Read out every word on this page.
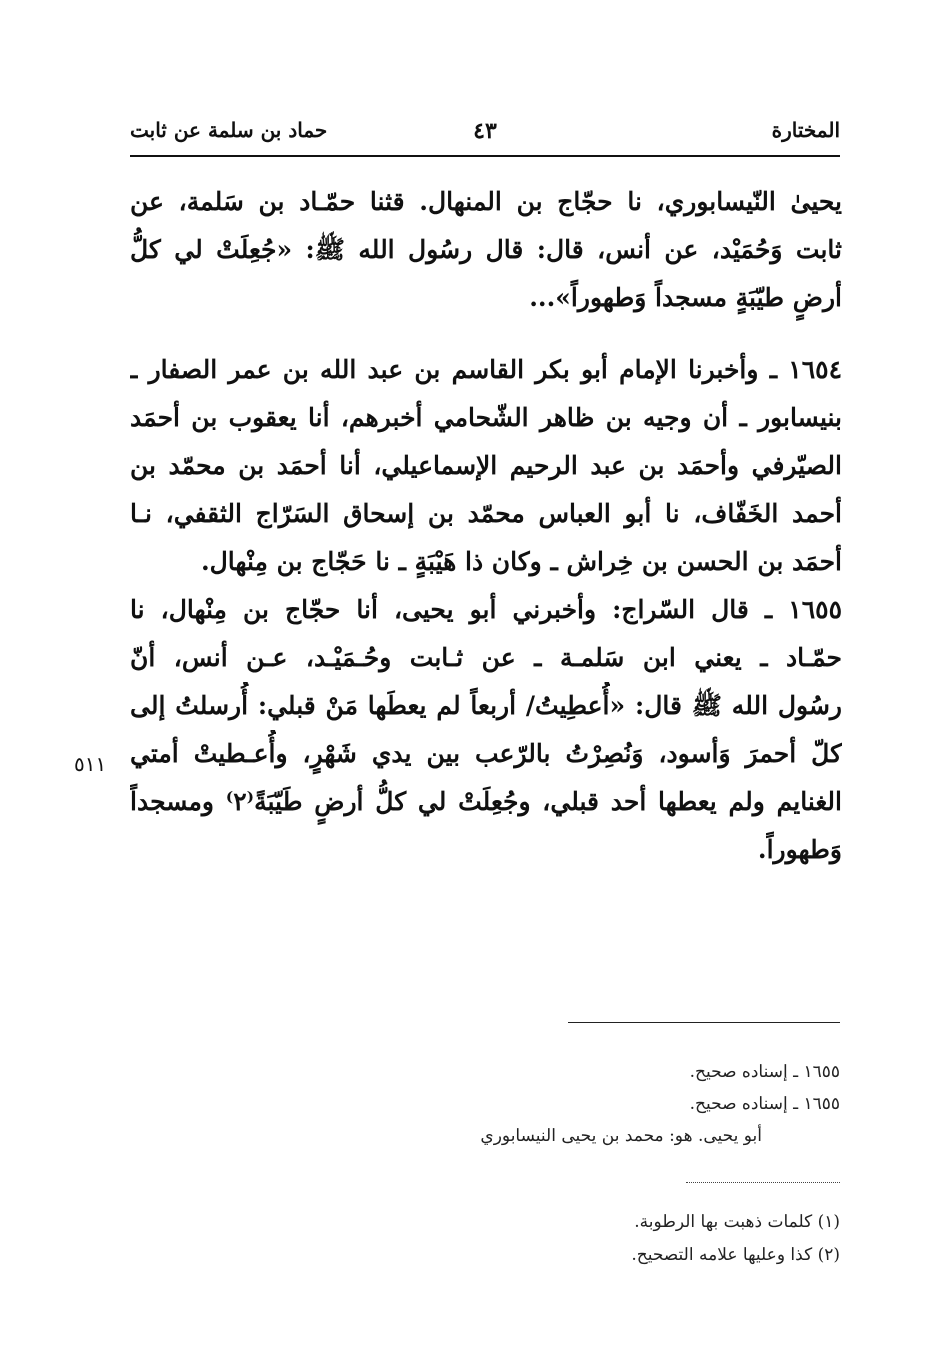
المختارة
٤٣
حماد بن سلمة عن ثابت
يحيىٰ النّيسابوري، نا حجّاج بن المنهال. قثنا حمّـاد بن سَلمة، عن
ثابت وَحُمَيْد، عن أنس، قال: قال رسُول الله ﷺ: «جُعِلَتْ لي كلُّ
أرضٍ طيّبَةٍ مسجداً وَطهوراً»...
١٦٥٤ ـ وأخبرنا الإمام أبو بكر القاسم بن عبد الله بن عمر الصفار ـ
بنيسابور ـ أن وجيه بن ظاهر الشّحامي أخبرهم، أنا يعقوب بن أحمَد
الصيّرفي وأحمَد بن عبد الرحيم الإسماعيلي، أنا أحمَد بن محمّد بن
أحمد الخَفّاف، نا أبو العباس محمّد بن إسحاق السَرّاج الثقفي، نـا
أحمَد بن الحسن بن خِراش ـ وكان ذا هَيْبَةٍ ـ نا حَجّاج بن مِنْهال.
١٦٥٥ ـ قال السّراج: وأخبرني أبو يحيى، أنا حجّاج بن مِنْهال، نا
حمّـاد ـ يعني ابن سَلمـة ـ عن ثـابت وحُـمَيْـد، عـن أنس، أنّ
رسُول الله ﷺ قال: «أُعطِيتُ/ أربعاً لم يعطَها مَنْ قبلي: أُرسلتُ إلى
كلّ أحمرَ وَأسود، وَنُصِرْتُ بالرّعب بين يدي شَهْرٍ، وأُعـطيتْ أمتي
الغنايم ولم يعطها أحد قبلي، وجُعِلَتْ لي كلُّ أرضٍ طَيّبَةً⁽٢⁾ ومسجداً
وَطهوراً.
٥١١
١٦٥٥ ـ إسناده صحيح.
١٦٥٥ ـ إسناده صحيح.
أبو يحيى. هو: محمد بن يحيى النيسابوري
(١) كلمات ذهبت بها الرطوبة.
(٢) كذا وعليها علامه التصحيح.
